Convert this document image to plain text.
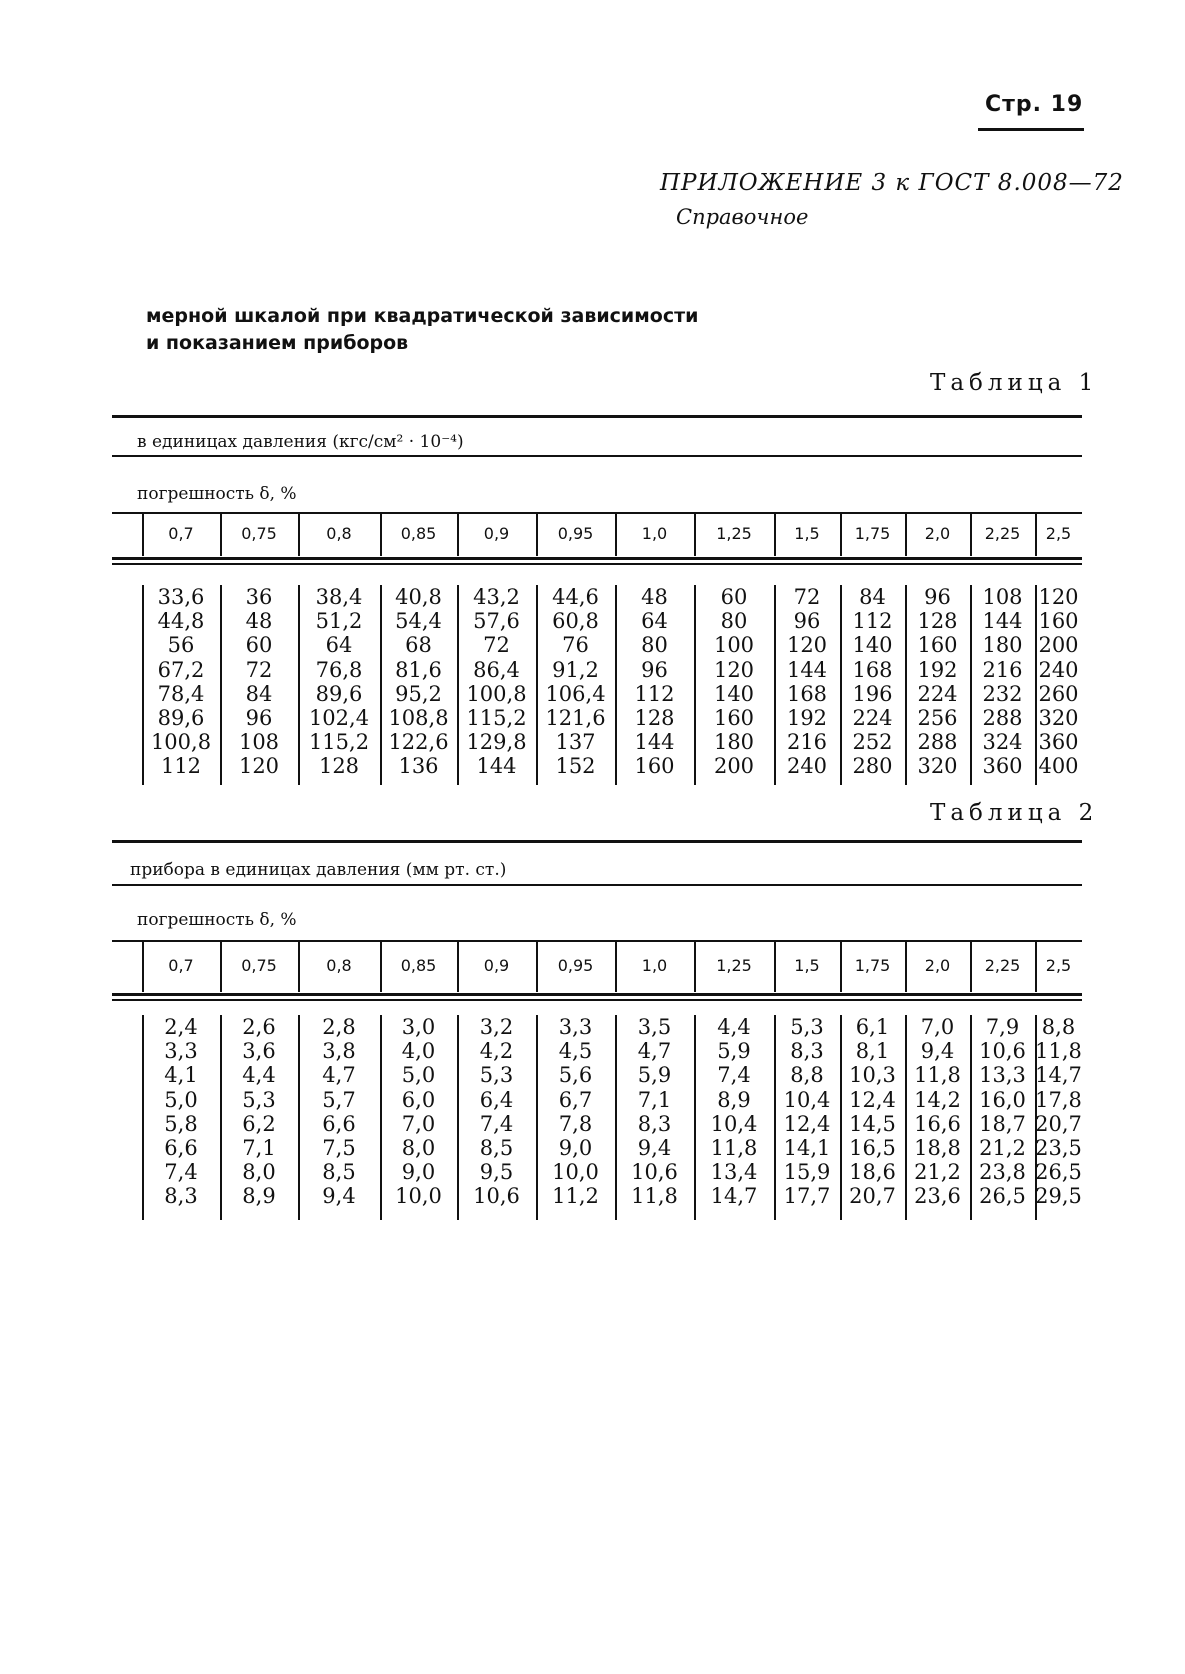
Стр. 19
ПРИЛОЖЕНИЕ 3 к ГОСТ 8.008—72
Справочное
мерной шкалой при квадратической зависимости
и показанием приборов
Таблица 1
в единицах давления (кгс/см² · 10⁻⁴)
погрешность δ, %
0,7
33,6
44,8
56
67,2
78,4
89,6
100,8
112
0,75
36
48
60
72
84
96
108
120
0,8
38,4
51,2
64
76,8
89,6
102,4
115,2
128
0,85
40,8
54,4
68
81,6
95,2
108,8
122,6
136
0,9
43,2
57,6
72
86,4
100,8
115,2
129,8
144
0,95
44,6
60,8
76
91,2
106,4
121,6
137
152
1,0
48
64
80
96
112
128
144
160
1,25
60
80
100
120
140
160
180
200
1,5
72
96
120
144
168
192
216
240
1,75
84
112
140
168
196
224
252
280
2,0
96
128
160
192
224
256
288
320
2,25
108
144
180
216
232
288
324
360
2,5
120
160
200
240
260
320
360
400
Таблица 2
прибора в единицах давления (мм рт. ст.)
погрешность δ, %
0,7
2,4
3,3
4,1
5,0
5,8
6,6
7,4
8,3
0,75
2,6
3,6
4,4
5,3
6,2
7,1
8,0
8,9
0,8
2,8
3,8
4,7
5,7
6,6
7,5
8,5
9,4
0,85
3,0
4,0
5,0
6,0
7,0
8,0
9,0
10,0
0,9
3,2
4,2
5,3
6,4
7,4
8,5
9,5
10,6
0,95
3,3
4,5
5,6
6,7
7,8
9,0
10,0
11,2
1,0
3,5
4,7
5,9
7,1
8,3
9,4
10,6
11,8
1,25
4,4
5,9
7,4
8,9
10,4
11,8
13,4
14,7
1,5
5,3
8,3
8,8
10,4
12,4
14,1
15,9
17,7
1,75
6,1
8,1
10,3
12,4
14,5
16,5
18,6
20,7
2,0
7,0
9,4
11,8
14,2
16,6
18,8
21,2
23,6
2,25
7,9
10,6
13,3
16,0
18,7
21,2
23,8
26,5
2,5
8,8
11,8
14,7
17,8
20,7
23,5
26,5
29,5
